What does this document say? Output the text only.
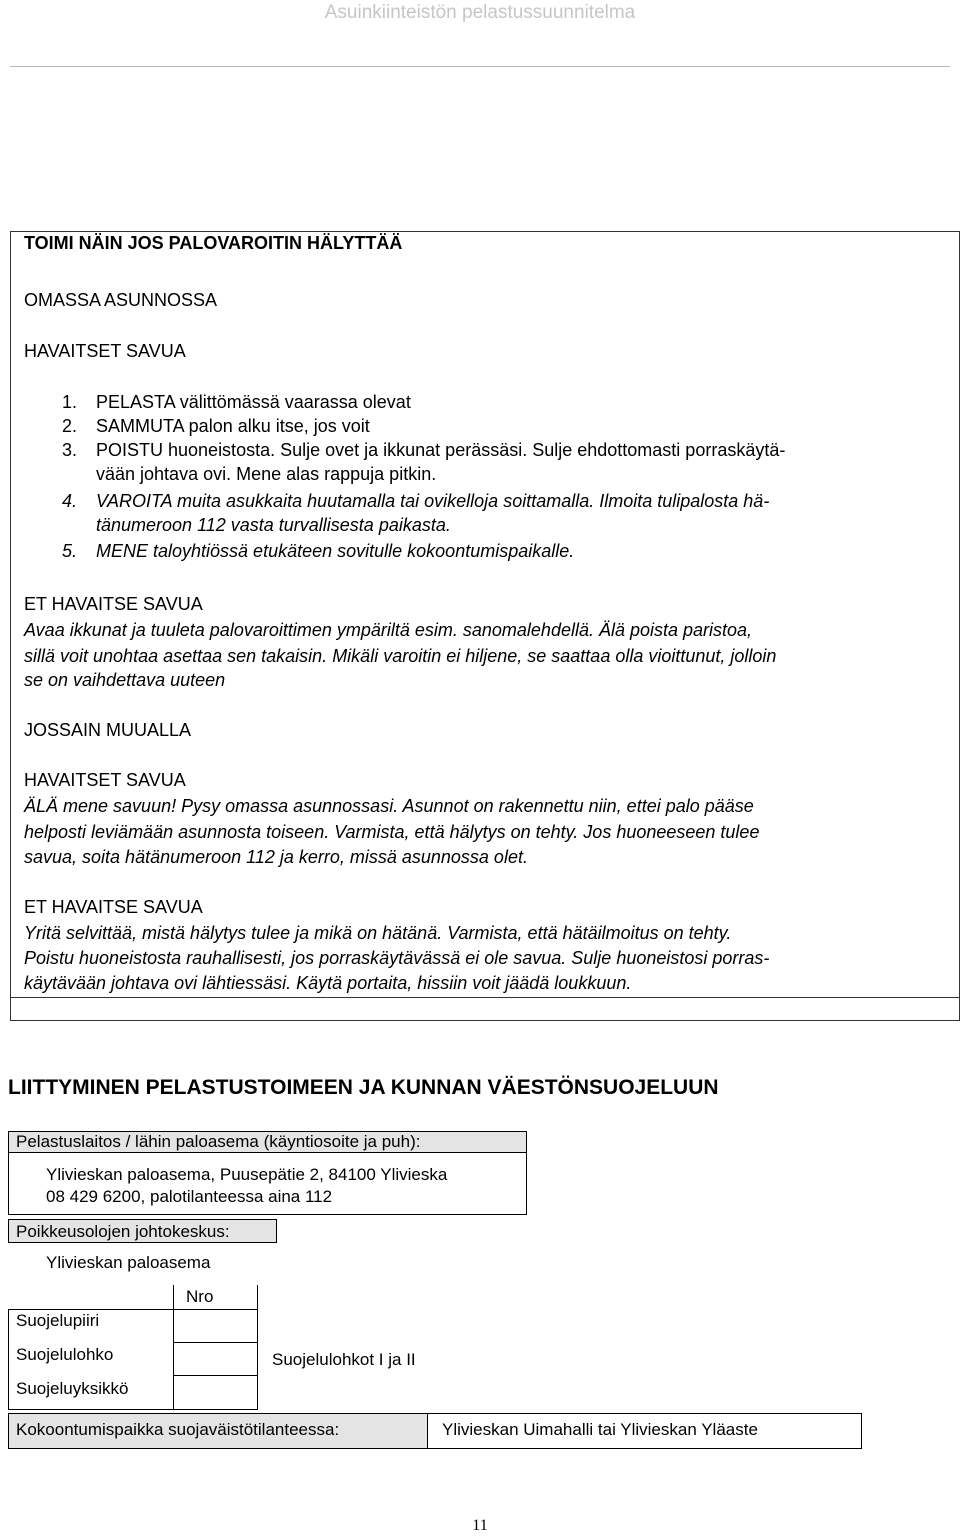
Asuinkiinteistön pelastussuunnitelma
TOIMI NÄIN JOS PALOVAROITIN HÄLYTTÄÄ
OMASSA ASUNNOSSA
HAVAITSET SAVUA
1. PELASTA välittömässä vaarassa olevat
2. SAMMUTA palon alku itse, jos voit
3. POISTU huoneistosta. Sulje ovet ja ikkunat perässäsi. Sulje ehdottomasti porraskäytä-
vään johtava ovi. Mene alas rappuja pitkin.
4. VAROITA muita asukkaita huutamalla tai ovikelloja soittamalla. Ilmoita tulipalosta hä-
tänumeroon 112 vasta turvallisesta paikasta.
5. MENE taloyhtiössä etukäteen sovitulle kokoontumispaikalle.
ET HAVAITSE SAVUA
Avaa ikkunat ja tuuleta palovaroittimen ympäriltä esim. sanomalehdellä. Älä poista paristoa,
sillä voit unohtaa asettaa sen takaisin. Mikäli varoitin ei hiljene, se saattaa olla vioittunut, jolloin
se on vaihdettava uuteen
JOSSAIN MUUALLA
HAVAITSET SAVUA
ÄLÄ mene savuun! Pysy omassa asunnossasi. Asunnot on rakennettu niin, ettei palo pääse
helposti leviämään asunnosta toiseen. Varmista, että hälytys on tehty. Jos huoneeseen tulee
savua, soita hätänumeroon 112 ja kerro, missä asunnossa olet.
ET HAVAITSE SAVUA
Yritä selvittää, mistä hälytys tulee ja mikä on hätänä. Varmista, että hätäilmoitus on tehty.
Poistu huoneistosta rauhallisesti, jos porraskäytävässä ei ole savua. Sulje huoneistosi porras-
käytävään johtava ovi lähtiessäsi. Käytä portaita, hissiin voit jäädä loukkuun.
LIITTYMINEN PELASTUSTOIMEEN JA KUNNAN VÄESTÖNSUOJELUUN
Pelastuslaitos / lähin paloasema (käyntiosoite ja puh):
Ylivieskan paloasema, Puusepätie 2, 84100 Ylivieska
08 429 6200, palotilanteessa aina 112
Poikkeusolojen johtokeskus:
Ylivieskan paloasema
Nro
Suojelupiiri
Suojelulohko
Suojeluyksikkö
Suojelulohkot I ja II
Kokoontumispaikka suojaväistötilanteessa:	Ylivieskan Uimahalli tai Ylivieskan Yläaste
11
